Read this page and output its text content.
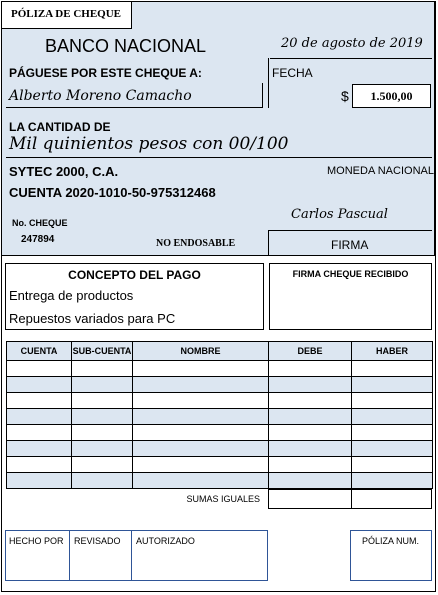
PÓLIZA DE CHEQUE
BANCO NACIONAL	20 de agosto de 2019
PÁGUESE POR ESTE CHEQUE A:	FECHA
Alberto Moreno Camacho	$	1.500,00
LA CANTIDAD DE
Mil quinientos pesos con 00/100
SYTEC 2000, C.A.	MONEDA NACIONAL
CUENTA 2020-1010-50-975312468
Carlos Pascual
FIRMA
No. CHEQUE
247894	NO ENDOSABLE
CONCEPTO DEL PAGO
Entrega de productos
Repuestos variados para PC
FIRMA CHEQUE RECIBIDO
CUENTA	SUB-CUENTA	NOMBRE	DEBE	HABER

SUMAS IGUALES
HECHO POR REVISADO AUTORIZADO	PÓLIZA NUM.
